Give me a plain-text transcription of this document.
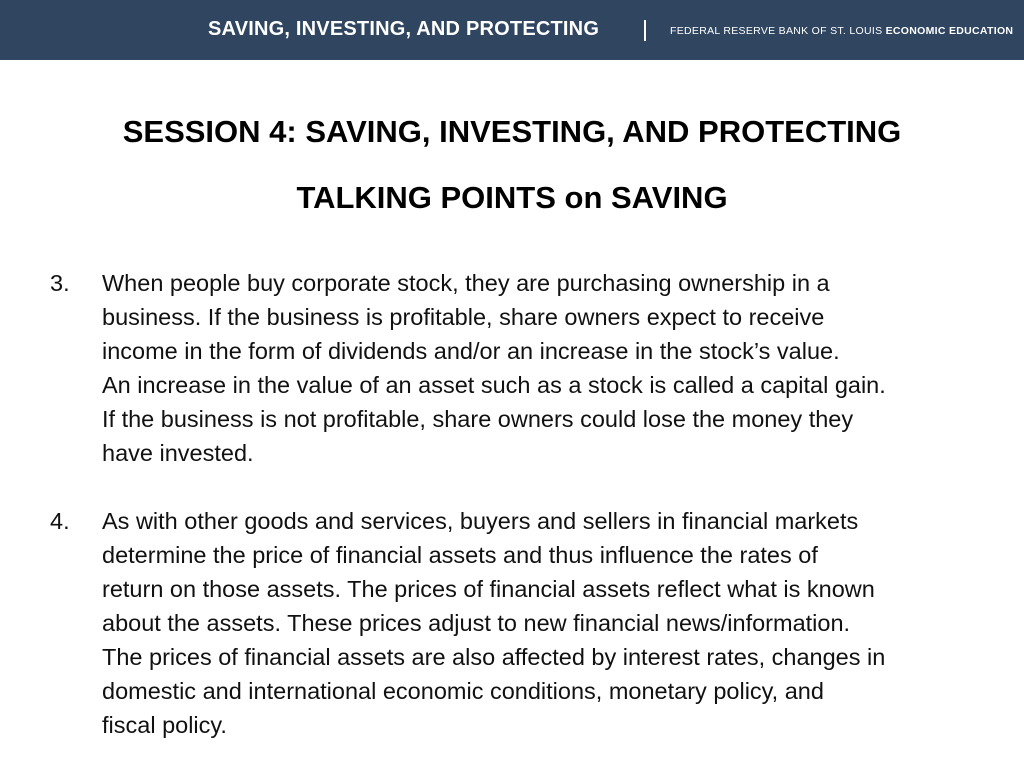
SAVING, INVESTING, AND PROTECTING	FEDERAL RESERVE BANK OF ST. LOUIS ECONOMIC EDUCATION
SESSION 4: SAVING, INVESTING, AND PROTECTING
TALKING POINTS on SAVING
3.	When people buy corporate stock, they are purchasing ownership in a
business. If the business is profitable, share owners expect to receive
income in the form of dividends and/or an increase in the stock’s value.
An increase in the value of an asset such as a stock is called a capital gain.
If the business is not profitable, share owners could lose the money they
have invested.
4.	As with other goods and services, buyers and sellers in financial markets
determine the price of financial assets and thus influence the rates of
return on those assets. The prices of financial assets reflect what is known
about the assets. These prices adjust to new financial news/information.
The prices of financial assets are also affected by interest rates, changes in
domestic and international economic conditions, monetary policy, and
fiscal policy.
